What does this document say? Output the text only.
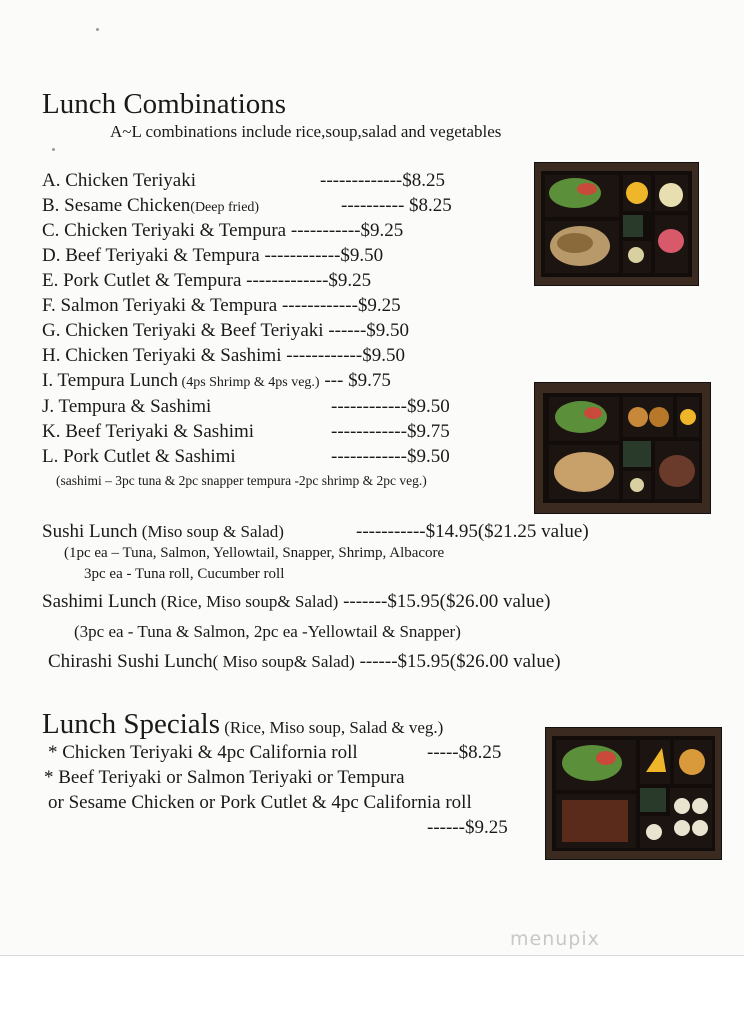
Lunch Combinations
A~L combinations include rice,soup,salad and vegetables
A. Chicken Teriyaki	-------------$8.25
B. Sesame Chicken(Deep fried)	---------- $8.25
C. Chicken Teriyaki & Tempura -----------$9.25
D. Beef Teriyaki & Tempura ------------$9.50
E. Pork Cutlet & Tempura -------------$9.25
F. Salmon Teriyaki & Tempura ------------$9.25
G. Chicken Teriyaki & Beef Teriyaki ------$9.50
H. Chicken Teriyaki & Sashimi ------------$9.50
I. Tempura Lunch (4ps Shrimp & 4ps veg.) --- $9.75
J. Tempura & Sashimi	------------$9.50
K. Beef Teriyaki & Sashimi	------------$9.75
L. Pork Cutlet & Sashimi	------------$9.50
(sashimi – 3pc tuna & 2pc snapper tempura -2pc shrimp & 2pc veg.)
Sushi Lunch (Miso soup & Salad)	-----------$14.95($21.25 value)
(1pc ea – Tuna, Salmon, Yellowtail, Snapper, Shrimp, Albacore
3pc ea - Tuna roll, Cucumber roll
Sashimi Lunch (Rice, Miso soup& Salad) -------$15.95($26.00 value)
(3pc ea - Tuna & Salmon, 2pc ea -Yellowtail & Snapper)
Chirashi Sushi Lunch( Miso soup& Salad) ------$15.95($26.00 value)
Lunch Specials (Rice, Miso soup, Salad & veg.)
* Chicken Teriyaki & 4pc California roll	-----$8.25
* Beef Teriyaki or Salmon Teriyaki or Tempura
or Sesame Chicken or Pork Cutlet & 4pc California roll
------$9.25
menupix
